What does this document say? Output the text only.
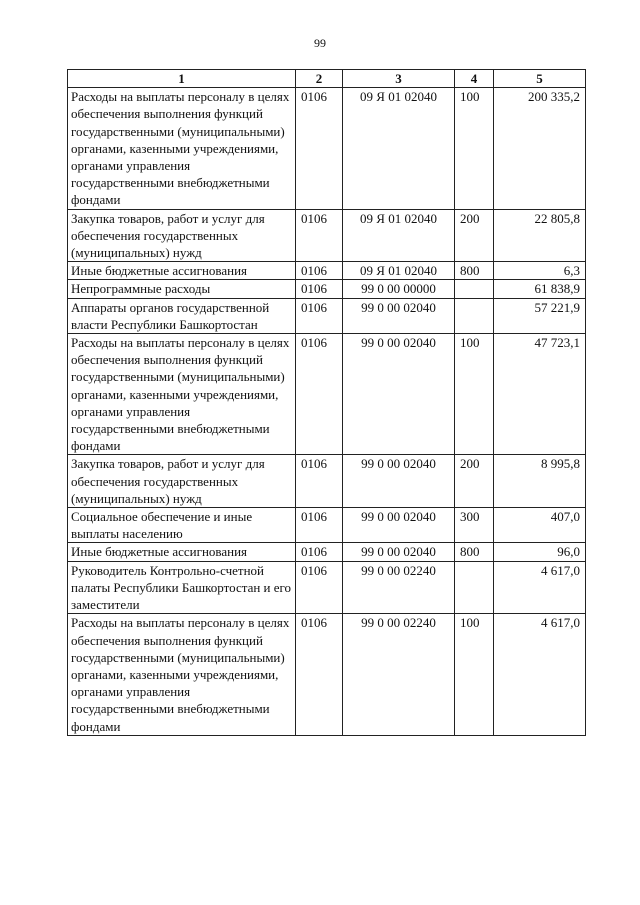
99
1	2	3	4	5
Расходы на выплаты персоналу в целях обеспечения выполнения функций государственными (муниципальными) органами, казенными учреждениями, органами управления государственными внебюджетными фондами	0106	09 Я 01 02040	100	200 335,2
Закупка товаров, работ и услуг для обеспечения государственных (муниципальных) нужд	0106	09 Я 01 02040	200	22 805,8
Иные бюджетные ассигнования	0106	09 Я 01 02040	800	6,3
Непрограммные расходы	0106	99 0 00 00000		61 838,9
Аппараты органов государственной власти Республики Башкортостан	0106	99 0 00 02040		57 221,9
Расходы на выплаты персоналу в целях обеспечения выполнения функций государственными (муниципальными) органами, казенными учреждениями, органами управления государственными внебюджетными фондами	0106	99 0 00 02040	100	47 723,1
Закупка товаров, работ и услуг для обеспечения государственных (муниципальных) нужд	0106	99 0 00 02040	200	8 995,8
Социальное обеспечение и иные выплаты населению	0106	99 0 00 02040	300	407,0
Иные бюджетные ассигнования	0106	99 0 00 02040	800	96,0
Руководитель Контрольно-счетной палаты Республики Башкортостан и его заместители	0106	99 0 00 02240		4 617,0
Расходы на выплаты персоналу в целях обеспечения выполнения функций государственными (муниципальными) органами, казенными учреждениями, органами управления государственными внебюджетными фондами	0106	99 0 00 02240	100	4 617,0
